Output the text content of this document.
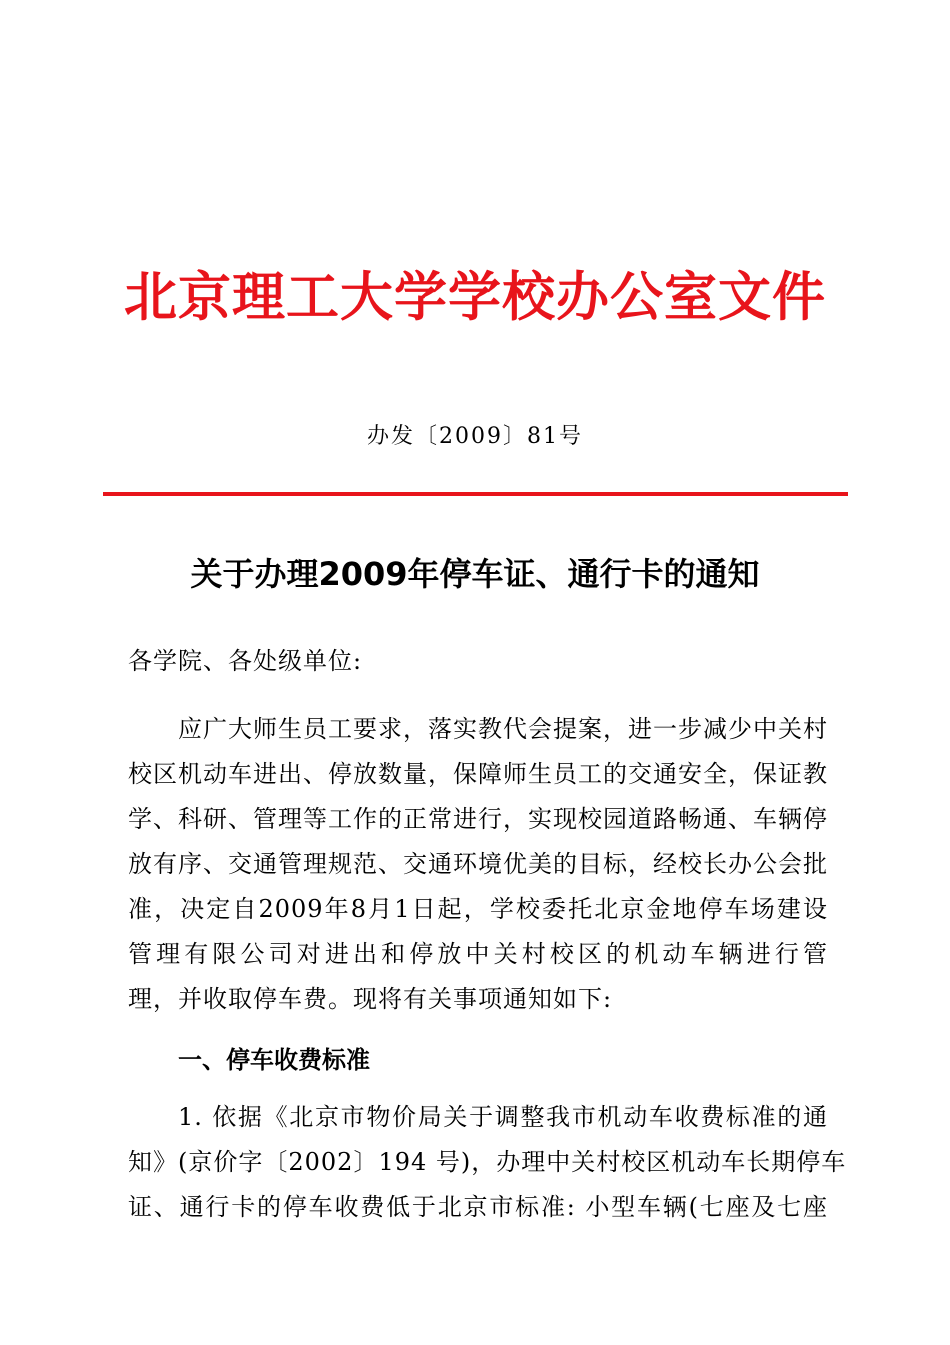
北京理工大学学校办公室文件
办发〔2009〕81号
关于办理2009年停车证、通行卡的通知
各学院、各处级单位:
应广大师生员工要求，落实教代会提案，进一步减少中关村
校区机动车进出、停放数量，保障师生员工的交通安全，保证教
学、科研、管理等工作的正常进行，实现校园道路畅通、车辆停
放有序、交通管理规范、交通环境优美的目标，经校长办公会批
准，决定自2009年8月1日起，学校委托北京金地停车场建设
管理有限公司对进出和停放中关村校区的机动车辆进行管
理，并收取停车费。现将有关事项通知如下:
一、停车收费标准
1. 依据《北京市物价局关于调整我市机动车收费标准的通
知》(京价字〔2002〕194 号)，办理中关村校区机动车长期停车
证、通行卡的停车收费低于北京市标准: 小型车辆(七座及七座
